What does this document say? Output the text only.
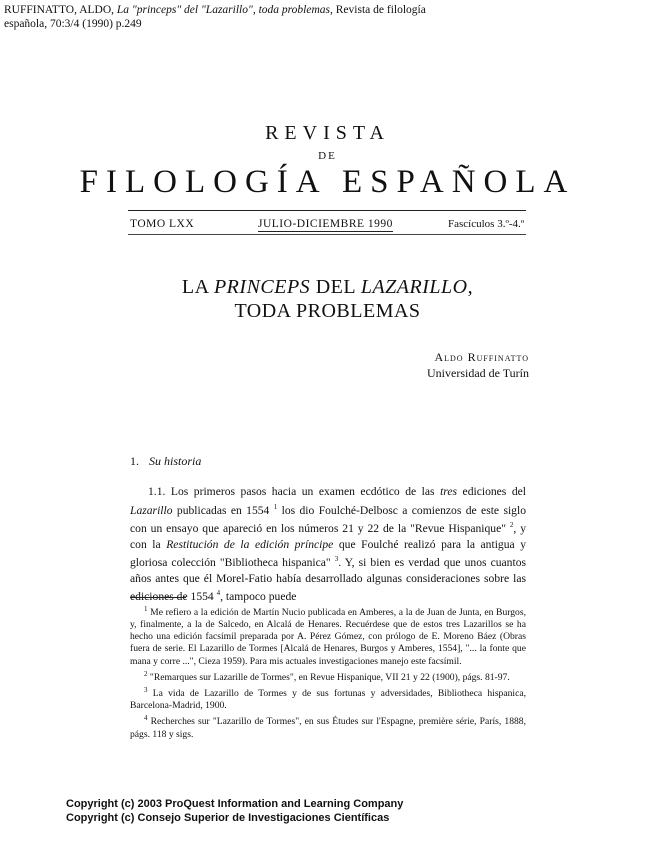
RUFFINATTO, ALDO, La "princeps" del "Lazarillo", toda problemas, Revista de filología
española, 70:3/4 (1990) p.249
REVISTA
DE
FILOLOGÍA ESPAÑOLA
TOMO LXX	JULIO-DICIEMBRE 1990	Fascículos 3.º-4.º
LA PRINCEPS DEL LAZARILLO,
TODA PROBLEMAS
Aldo Ruffinatto
Universidad de Turín
1. Su historia
1.1. Los primeros pasos hacia un examen ecdótico de las tres ediciones del Lazarillo publicadas en 1554 $^1$ los dio Foulché-Delbosc a comienzos de este siglo con un ensayo que apareció en los números 21 y 22 de la "Revue Hispanique" $^2$, y con la Restitución de la edición príncipe que Foulché realizó para la antigua y gloriosa colección "Bibliotheca hispanica" $^3$. Y, si bien es verdad que unos cuantos años antes que él Morel-Fatio había desarrollado algunas consideraciones sobre las ediciones de 1554 $^4$, tampoco puede

$^1$ Me refiero a la edición de Martín Nucio publicada en Amberes, a la de Juan de Junta, en Burgos, y, finalmente, a la de Salcedo, en Alcalá de Henares. Recuérdese que de estos tres Lazarillos se ha hecho una edición facsímil preparada por A. Pérez Gómez, con prólogo de E. Moreno Báez (Obras fuera de serie. El Lazarillo de Tormes [Alcalá de Henares, Burgos y Amberes, 1554], "... la fonte que mana y corre ...", Cieza 1959). Para mis actuales investigaciones manejo este facsímil.

$^2$ "Remarques sur Lazarille de Tormes", en Revue Hispanique, VII 21 y 22 (1900), págs. 81-97.

$^3$ La vida de Lazarillo de Tormes y de sus fortunas y adversidades, Bibliotheca hispanica, Barcelona-Madrid, 1900.

$^4$ Recherches sur "Lazarillo de Tormes", en sus Études sur l'Espagne, première série, París, 1888, págs. 118 y sigs.

Copyright (c) 2003 ProQuest Information and Learning Company
Copyright (c) Consejo Superior de Investigaciones Científicas
